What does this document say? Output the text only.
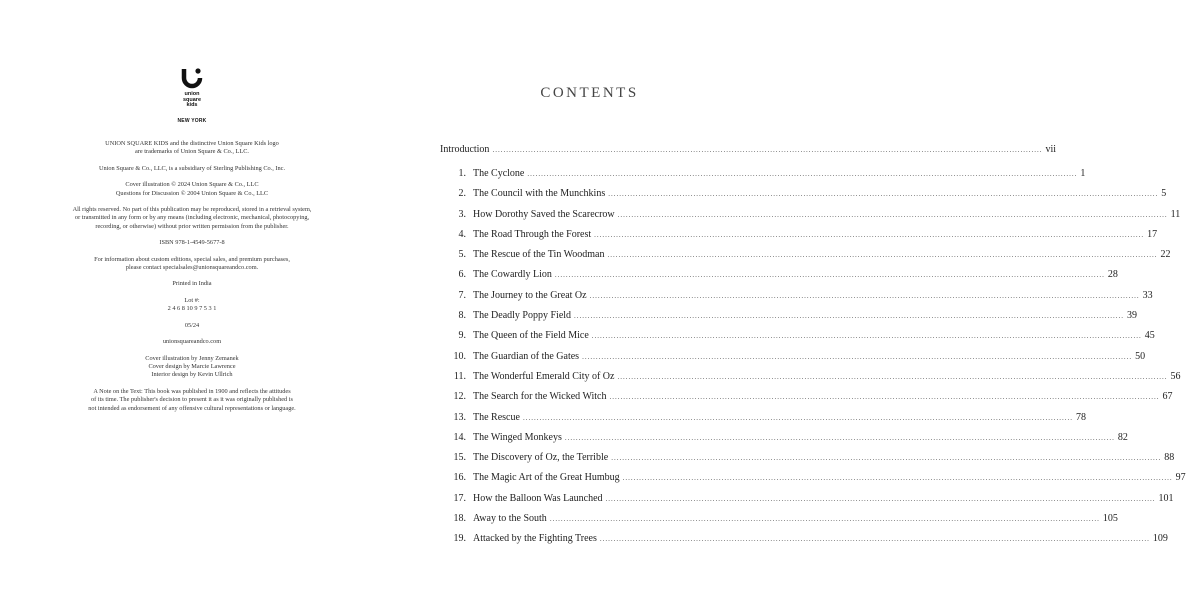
union
square
kids
NEW YORK

UNION SQUARE KIDS and the distinctive Union Square Kids logo
are trademarks of Union Square & Co., LLC.

Union Square & Co., LLC, is a subsidiary of Sterling Publishing Co., Inc.

Cover illustration © 2024 Union Square & Co., LLC
Questions for Discussion © 2004 Union Square & Co., LLC

All rights reserved. No part of this publication may be reproduced, stored in a retrieval system,
or transmitted in any form or by any means (including electronic, mechanical, photocopying,
recording, or otherwise) without prior written permission from the publisher.

ISBN 978-1-4549-5677-8

For information about custom editions, special sales, and premium purchases,
please contact specialsales@unionsquareandco.com.

Printed in India

Lot #:
2 4 6 8 10 9 7 5 3 1

05/24

unionsquareandco.com

Cover illustration by Jenny Zemanek
Cover design by Marcie Lawrence
Interior design by Kevin Ullrich

A Note on the Text: This book was published in 1900 and reflects the attitudes
of its time. The publisher's decision to present it as it was originally published is
not intended as endorsement of any offensive cultural representations or language.

CONTENTS
Introduction ........................................................................................................................................................................................................ vii
1. The Cyclone ........................................................................................................................................................................................................ 1
2. The Council with the Munchkins ........................................................................................................................................................................................................ 5
3. How Dorothy Saved the Scarecrow ........................................................................................................................................................................................................ 11
4. The Road Through the Forest ........................................................................................................................................................................................................ 17
5. The Rescue of the Tin Woodman ........................................................................................................................................................................................................ 22
6. The Cowardly Lion ........................................................................................................................................................................................................ 28
7. The Journey to the Great Oz ........................................................................................................................................................................................................ 33
8. The Deadly Poppy Field ........................................................................................................................................................................................................ 39
9. The Queen of the Field Mice ........................................................................................................................................................................................................ 45
10. The Guardian of the Gates ........................................................................................................................................................................................................ 50
11. The Wonderful Emerald City of Oz ........................................................................................................................................................................................................ 56
12. The Search for the Wicked Witch ........................................................................................................................................................................................................ 67
13. The Rescue ........................................................................................................................................................................................................ 78
14. The Winged Monkeys ........................................................................................................................................................................................................ 82
15. The Discovery of Oz, the Terrible ........................................................................................................................................................................................................ 88
16. The Magic Art of the Great Humbug ........................................................................................................................................................................................................ 97
17. How the Balloon Was Launched ........................................................................................................................................................................................................ 101
18. Away to the South ........................................................................................................................................................................................................ 105
19. Attacked by the Fighting Trees ........................................................................................................................................................................................................ 109
